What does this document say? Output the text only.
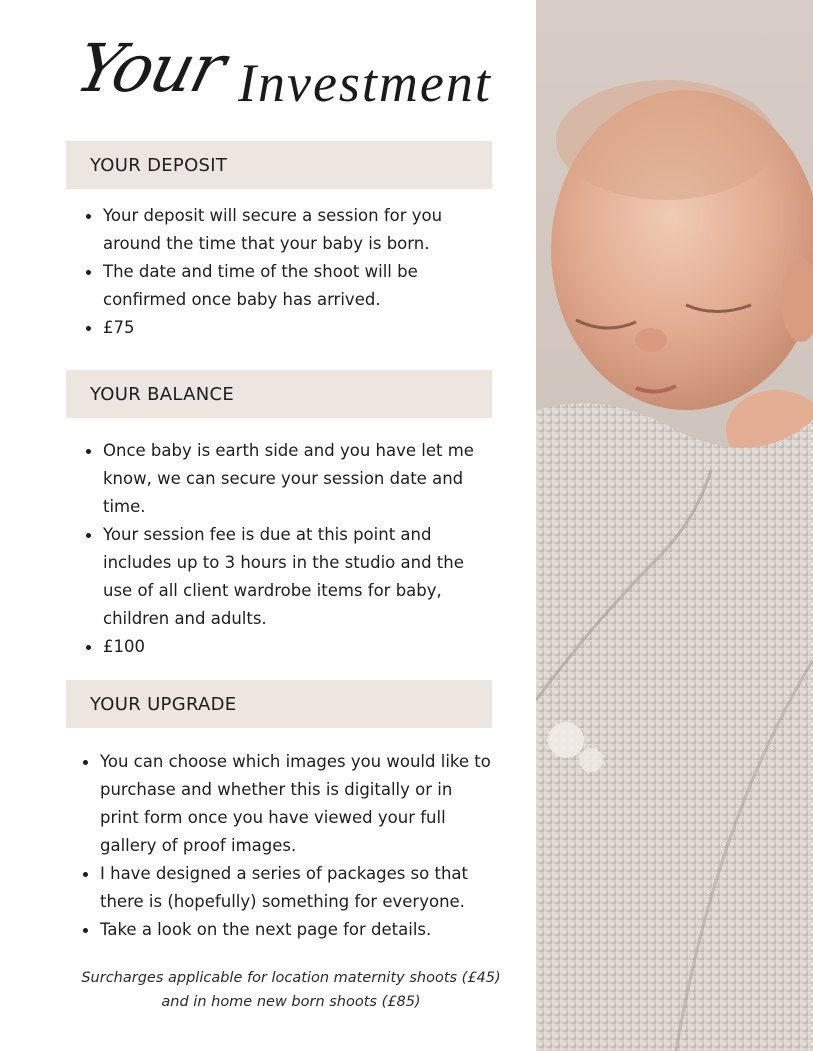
Your Investment
YOUR DEPOSIT
Your deposit will secure a session for you around the time that your baby is born.
The date and time of the shoot will be confirmed once baby has arrived.
£75
YOUR BALANCE
Once baby is earth side and you have let me know, we can secure your session date and time.
Your session fee is due at this point and includes up to 3 hours in the studio and the use of all client wardrobe items for baby, children and adults.
£100
YOUR UPGRADE
You can choose which images you would like to purchase and whether this is digitally or in print form once you have viewed your full gallery of proof images.
I have designed a series of packages so that there is (hopefully) something for everyone.
Take a look on the next page for details.
Surcharges applicable for location maternity shoots (£45)
and in home new born shoots (£85)
